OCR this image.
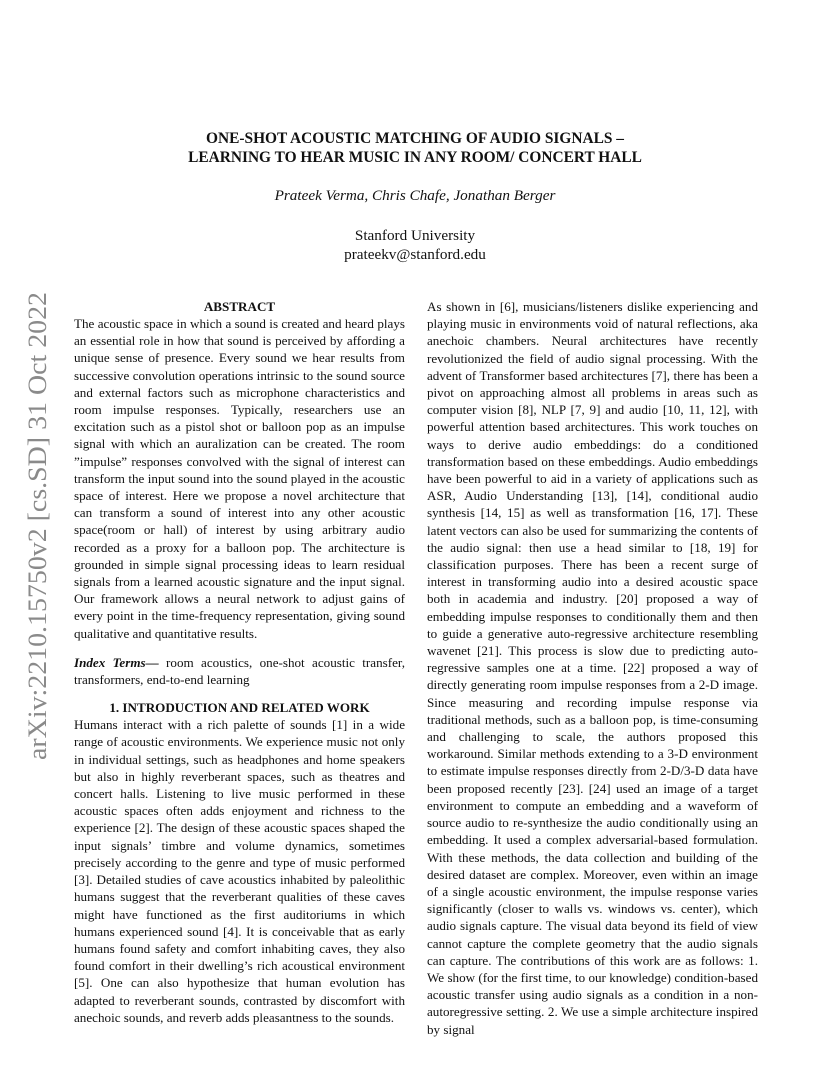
arXiv:2210.15750v2 [cs.SD] 31 Oct 2022
ONE-SHOT ACOUSTIC MATCHING OF AUDIO SIGNALS –
LEARNING TO HEAR MUSIC IN ANY ROOM/ CONCERT HALL
Prateek Verma, Chris Chafe, Jonathan Berger
Stanford University
prateekv@stanford.edu
ABSTRACT

The acoustic space in which a sound is created and heard plays an essential role in how that sound is perceived by affording a unique sense of presence. Every sound we hear results from successive convolution operations intrinsic to the sound source and external factors such as microphone characteristics and room impulse responses. Typically, researchers use an excitation such as a pistol shot or balloon pop as an impulse signal with which an auralization can be created. The room ”impulse” responses convolved with the signal of interest can transform the input sound into the sound played in the acoustic space of interest. Here we propose a novel architecture that can transform a sound of interest into any other acoustic space(room or hall) of interest by using arbitrary audio recorded as a proxy for a balloon pop. The architecture is grounded in simple signal processing ideas to learn residual signals from a learned acoustic signature and the input signal. Our framework allows a neural network to adjust gains of every point in the time-frequency representation, giving sound qualitative and quantitative results.

Index Terms— room acoustics, one-shot acoustic transfer, transformers, end-to-end learning

1. INTRODUCTION AND RELATED WORK

Humans interact with a rich palette of sounds [1] in a wide range of acoustic environments. We experience music not only in individual settings, such as headphones and home speakers but also in highly reverberant spaces, such as theatres and concert halls. Listening to live music performed in these acoustic spaces often adds enjoyment and richness to the experience [2]. The design of these acoustic spaces shaped the input signals’ timbre and volume dynamics, sometimes precisely according to the genre and type of music performed [3]. Detailed studies of cave acoustics inhabited by paleolithic humans suggest that the reverberant qualities of these caves might have functioned as the first auditoriums in which humans experienced sound [4]. It is conceivable that as early humans found safety and comfort inhabiting caves, they also found comfort in their dwelling’s rich acoustical environment [5]. One can also hypothesize that human evolution has adapted to reverberant sounds, contrasted by discomfort with anechoic sounds, and reverb adds pleasantness to the sounds.

As shown in [6], musicians/listeners dislike experiencing and playing music in environments void of natural reflections, aka anechoic chambers. Neural architectures have recently revolutionized the field of audio signal processing. With the advent of Transformer based architectures [7], there has been a pivot on approaching almost all problems in areas such as computer vision [8], NLP [7, 9] and audio [10, 11, 12], with powerful attention based architectures. This work touches on ways to derive audio embeddings: do a conditioned transformation based on these embeddings. Audio embeddings have been powerful to aid in a variety of applications such as ASR, Audio Understanding [13], [14], conditional audio synthesis [14, 15] as well as transformation [16, 17]. These latent vectors can also be used for summarizing the contents of the audio signal: then use a head similar to [18, 19] for classification purposes. There has been a recent surge of interest in transforming audio into a desired acoustic space both in academia and industry. [20] proposed a way of embedding impulse responses to conditionally them and then to guide a generative auto-regressive architecture resembling wavenet [21]. This process is slow due to predicting auto-regressive samples one at a time. [22] proposed a way of directly generating room impulse responses from a 2-D image. Since measuring and recording impulse response via traditional methods, such as a balloon pop, is time-consuming and challenging to scale, the authors proposed this workaround. Similar methods extending to a 3-D environment to estimate impulse responses directly from 2-D/3-D data have been proposed recently [23]. [24] used an image of a target environment to compute an embedding and a waveform of source audio to re-synthesize the audio conditionally using an embedding. It used a complex adversarial-based formulation. With these methods, the data collection and building of the desired dataset are complex. Moreover, even within an image of a single acoustic environment, the impulse response varies significantly (closer to walls vs. windows vs. center), which audio signals capture. The visual data beyond its field of view cannot capture the complete geometry that the audio signals can capture. The contributions of this work are as follows: 1. We show (for the first time, to our knowledge) condition-based acoustic transfer using audio signals as a condition in a non-autoregressive setting. 2. We use a simple architecture inspired by signal
